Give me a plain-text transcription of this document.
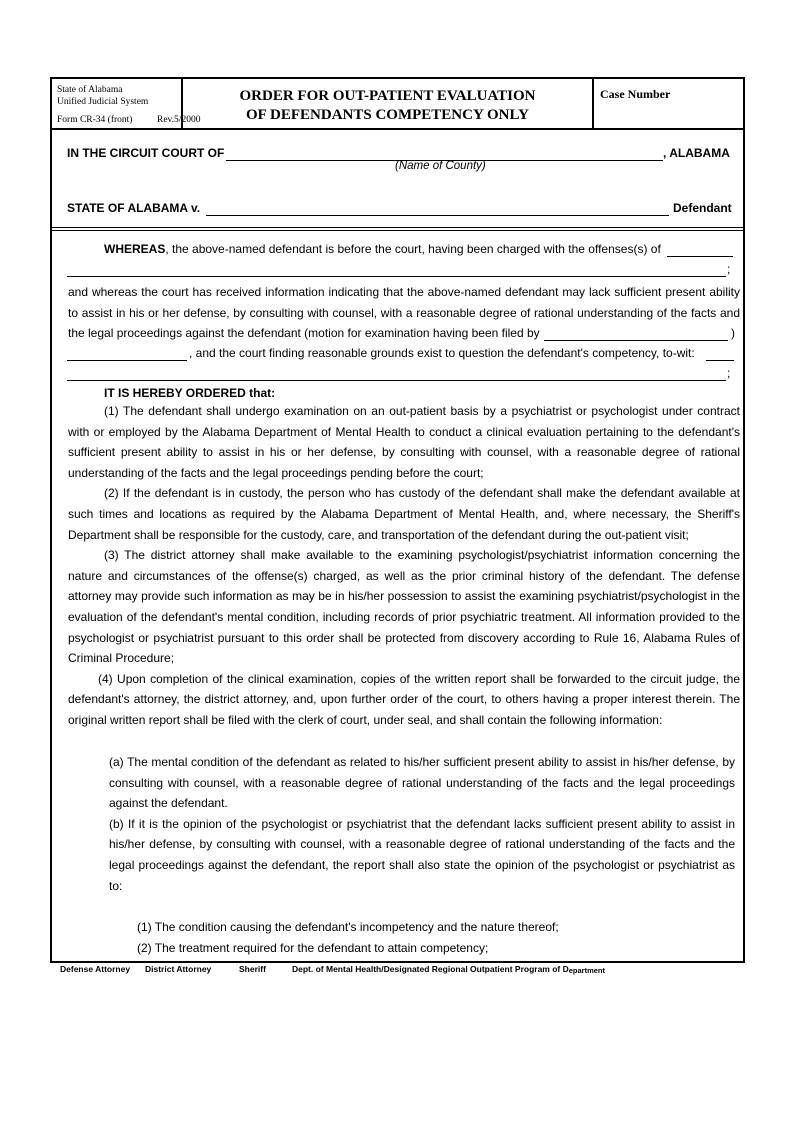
State of Alabama
Unified Judicial System
Form CR-34 (front)	Rev.5/2000
ORDER FOR OUT-PATIENT EVALUATION
OF DEFENDANTS COMPETENCY ONLY
Case Number
IN THE CIRCUIT COURT OF	, ALABAMA
(Name of County)
STATE OF ALABAMA v.	Defendant
WHEREAS, the above-named defendant is before the court, having been charged with the offenses(s) of
;
and whereas the court has received information indicating that the above-named defendant may lack sufficient present ability to assist in his or her defense, by consulting with counsel, with a reasonable degree of rational understanding of the facts and the legal proceedings against the defendant (motion for examination having been filed by	)
, and the court finding reasonable grounds exist to question the defendant's competency, to-wit:
;
IT IS HEREBY ORDERED that:

(1) The defendant shall undergo examination on an out-patient basis by a psychiatrist or psychologist under contract with or employed by the Alabama Department of Mental Health to conduct a clinical evaluation pertaining to the defendant's sufficient present ability to assist in his or her defense, by consulting with counsel, with a reasonable degree of rational understanding of the facts and the legal proceedings pending before the court;

(2) If the defendant is in custody, the person who has custody of the defendant shall make the defendant available at such times and locations as required by the Alabama Department of Mental Health, and, where necessary, the Sheriff's Department shall be responsible for the custody, care, and transportation of the defendant during the out-patient visit;

(3) The district attorney shall make available to the examining psychologist/psychiatrist information concerning the nature and circumstances of the offense(s) charged, as well as the prior criminal history of the defendant. The defense attorney may provide such information as may be in his/her possession to assist the examining psychiatrist/psychologist in the evaluation of the defendant's mental condition, including records of prior psychiatric treatment. All information provided to the psychologist or psychiatrist pursuant to this order shall be protected from discovery according to Rule 16, Alabama Rules of Criminal Procedure;

(4) Upon completion of the clinical examination, copies of the written report shall be forwarded to the circuit judge, the defendant's attorney, the district attorney, and, upon further order of the court, to others having a proper interest therein. The original written report shall be filed with the clerk of court, under seal, and shall contain the following information:

(a) The mental condition of the defendant as related to his/her sufficient present ability to assist in his/her defense, by consulting with counsel, with a reasonable degree of rational understanding of the facts and the legal proceedings against the defendant.

(b) If it is the opinion of the psychologist or psychiatrist that the defendant lacks sufficient present ability to assist in his/her defense, by consulting with counsel, with a reasonable degree of rational understanding of the facts and the legal proceedings against the defendant, the report shall also state the opinion of the psychologist or psychiatrist as to:

(1) The condition causing the defendant's incompetency and the nature thereof;

(2) The treatment required for the defendant to attain competency;

Defense Attorney District Attorney	Sheriff	Dept. of Mental Health/Designated Regional Outpatient Program of Department
